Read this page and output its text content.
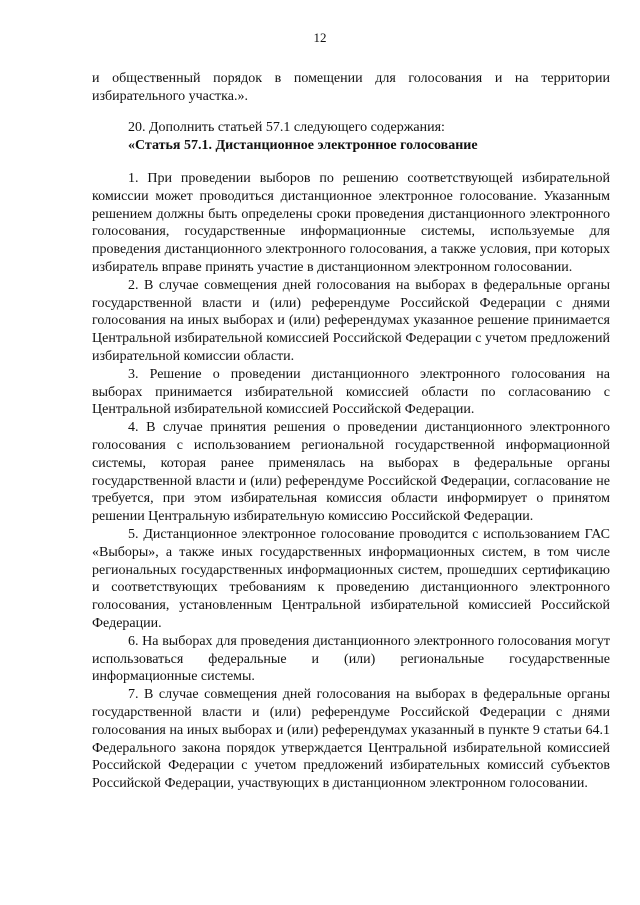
12

и общественный порядок в помещении для голосования и на территории избирательного участка.».

20. Дополнить статьей 57.1 следующего содержания:

«Статья 57.1. Дистанционное электронное голосование

1. При проведении выборов по решению соответствующей избирательной комиссии может проводиться дистанционное электронное голосование. Указанным решением должны быть определены сроки проведения дистанционного электронного голосования, государственные информационные системы, используемые для проведения дистанционного электронного голосования, а также условия, при которых избиратель вправе принять участие в дистанционном электронном голосовании.

2. В случае совмещения дней голосования на выборах в федеральные органы государственной власти и (или) референдуме Российской Федерации с днями голосования на иных выборах и (или) референдумах указанное решение принимается Центральной избирательной комиссией Российской Федерации с учетом предложений избирательной комиссии области.

3. Решение о проведении дистанционного электронного голосования на выборах принимается избирательной комиссией области по согласованию с Центральной избирательной комиссией Российской Федерации.

4. В случае принятия решения о проведении дистанционного электронного голосования с использованием региональной государственной информационной системы, которая ранее применялась на выборах в федеральные органы государственной власти и (или) референдуме Российской Федерации, согласование не требуется, при этом избирательная комиссия области информирует о принятом решении Центральную избирательную комиссию Российской Федерации.

5. Дистанционное электронное голосование проводится с использованием ГАС «Выборы», а также иных государственных информационных систем, в том числе региональных государственных информационных систем, прошедших сертификацию и соответствующих требованиям к проведению дистанционного электронного голосования, установленным Центральной избирательной комиссией Российской Федерации.

6. На выборах для проведения дистанционного электронного голосования могут использоваться федеральные и (или) региональные государственные информационные системы.

7. В случае совмещения дней голосования на выборах в федеральные органы государственной власти и (или) референдуме Российской Федерации с днями голосования на иных выборах и (или) референдумах указанный в пункте 9 статьи 64.1 Федерального закона порядок утверждается Центральной избирательной комиссией Российской Федерации с учетом предложений избирательных комиссий субъектов Российской Федерации, участвующих в дистанционном электронном голосовании.
